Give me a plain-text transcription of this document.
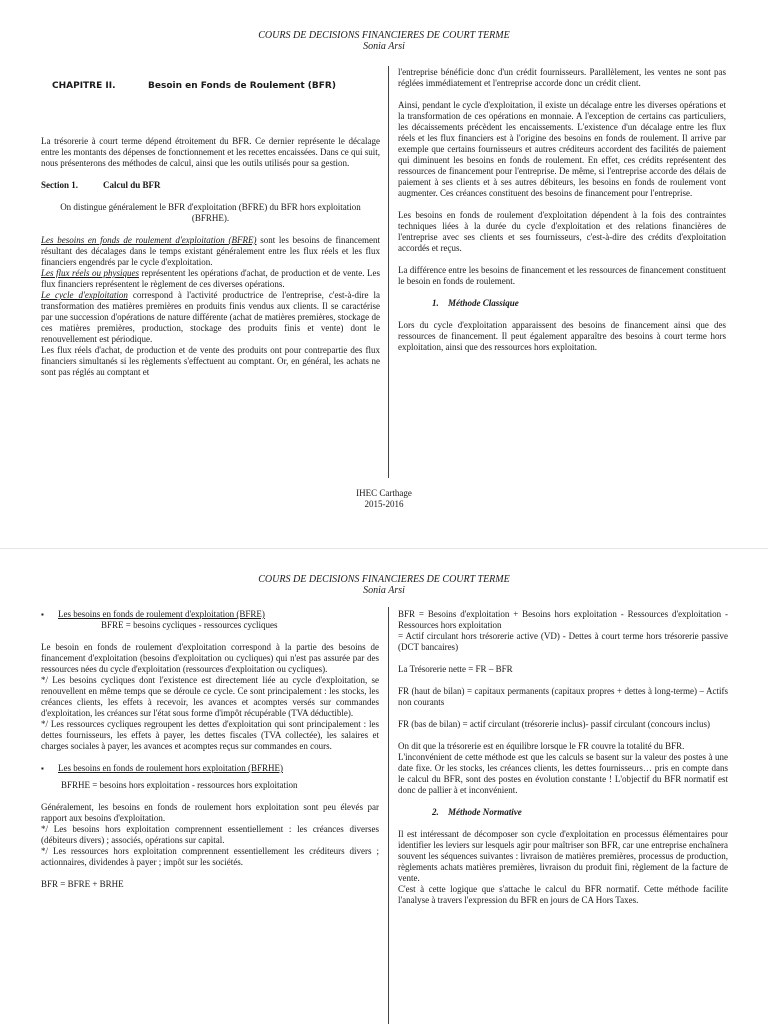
COURS DE DECISIONS FINANCIERES DE COURT TERME
Sonia Arsi
CHAPITRE II.	Besoin en Fonds de Roulement (BFR)

La trésorerie à court terme dépend étroitement du BFR. Ce dernier représente le décalage entre les montants des dépenses de fonctionnement et les recettes encaissées. Dans ce qui suit, nous présenterons des méthodes de calcul, ainsi que les outils utilisés pour sa gestion.

Section 1.	Calcul du BFR

On distingue généralement le BFR d'exploitation (BFRE) du BFR hors exploitation (BFRHE).

Les besoins en fonds de roulement d'exploitation (BFRE) sont les besoins de financement résultant des décalages dans le temps existant généralement entre les flux réels et les flux financiers engendrés par le cycle d'exploitation.

Les flux réels ou physiques représentent les opérations d'achat, de production et de vente. Les flux financiers représentent le règlement de ces diverses opérations.

Le cycle d'exploitation correspond à l'activité productrice de l'entreprise, c'est-à-dire la transformation des matières premières en produits finis vendus aux clients. Il se caractérise par une succession d'opérations de nature différente (achat de matières premières, stockage de ces matières premières, production, stockage des produits finis et vente) dont le renouvellement est périodique.

Les flux réels d'achat, de production et de vente des produits ont pour contrepartie des flux financiers simultanés si les règlements s'effectuent au comptant. Or, en général, les achats ne sont pas réglés au comptant et

l'entreprise bénéficie donc d'un crédit fournisseurs. Parallèlement, les ventes ne sont pas réglées immédiatement et l'entreprise accorde donc un crédit client.

Ainsi, pendant le cycle d'exploitation, il existe un décalage entre les diverses opérations et la transformation de ces opérations en monnaie. A l'exception de certains cas particuliers, les décaissements précèdent les encaissements. L'existence d'un décalage entre les flux réels et les flux financiers est à l'origine des besoins en fonds de roulement. Il arrive par exemple que certains fournisseurs et autres créditeurs accordent des facilités de paiement qui diminuent les besoins en fonds de roulement. En effet, ces crédits représentent des ressources de financement pour l'entreprise. De même, si l'entreprise accorde des délais de paiement à ses clients et à ses autres débiteurs, les besoins en fonds de roulement vont augmenter. Ces créances constituent des besoins de financement pour l'entreprise.

Les besoins en fonds de roulement d'exploitation dépendent à la fois des contraintes techniques liées à la durée du cycle d'exploitation et des relations financières de l'entreprise avec ses clients et ses fournisseurs, c'est-à-dire des crédits d'exploitation accordés et reçus.

La différence entre les besoins de financement et les ressources de financement constituent le besoin en fonds de roulement.

1. Méthode Classique

Lors du cycle d'exploitation apparaissent des besoins de financement ainsi que des ressources de financement. Il peut également apparaître des besoins à court terme hors exploitation, ainsi que des ressources hors exploitation.

IHEC Carthage
2015-2016
COURS DE DECISIONS FINANCIERES DE COURT TERME
Sonia Arsi
▪	Les besoins en fonds de roulement d'exploitation (BFRE)

BFRE = besoins cycliques - ressources cycliques

Le besoin en fonds de roulement d'exploitation correspond à la partie des besoins de financement d'exploitation (besoins d'exploitation ou cycliques) qui n'est pas assurée par des ressources nées du cycle d'exploitation (ressources d'exploitation ou cycliques).

*/ Les besoins cycliques dont l'existence est directement liée au cycle d'exploitation, se renouvellent en même temps que se déroule ce cycle. Ce sont principalement : les stocks, les créances clients, les effets à recevoir, les avances et acomptes versés sur commandes d'exploitation, les créances sur l'état sous forme d'impôt récupérable (TVA déductible).

*/ Les ressources cycliques regroupent les dettes d'exploitation qui sont principalement : les dettes fournisseurs, les effets à payer, les dettes fiscales (TVA collectée), les salaires et charges sociales à payer, les avances et acomptes reçus sur commandes en cours.

▪	Les besoins en fonds de roulement hors exploitation (BFRHE)

BFRHE = besoins hors exploitation - ressources hors exploitation

Généralement, les besoins en fonds de roulement hors exploitation sont peu élevés par rapport aux besoins d'exploitation.

*/ Les besoins hors exploitation comprennent essentiellement : les créances diverses (débiteurs divers) ; associés, opérations sur capital.

*/ Les ressources hors exploitation comprennent essentiellement les créditeurs divers ; actionnaires, dividendes à payer ; impôt sur les sociétés.

BFR = BFRE + BRHE

BFR = Besoins d'exploitation + Besoins hors exploitation - Ressources d'exploitation - Ressources hors exploitation

= Actif circulant hors trésorerie active (VD) - Dettes à court terme hors trésorerie passive (DCT bancaires)

La Trésorerie nette = FR – BFR

FR (haut de bilan) = capitaux permanents (capitaux propres + dettes à long-terme) – Actifs non courants

FR (bas de bilan) = actif circulant (trésorerie inclus)- passif circulant (concours inclus)

On dit que la trésorerie est en équilibre lorsque le FR couvre la totalité du BFR.

L'inconvénient de cette méthode est que les calculs se basent sur la valeur des postes à une date fixe. Or les stocks, les créances clients, les dettes fournisseurs… pris en compte dans le calcul du BFR, sont des postes en évolution constante ! L'objectif du BFR normatif est donc de pallier à et inconvénient.

2. Méthode Normative

Il est intéressant de décomposer son cycle d'exploitation en processus élémentaires pour identifier les leviers sur lesquels agir pour maîtriser son BFR, car une entreprise enchaînera souvent les séquences suivantes : livraison de matières premières, processus de production, règlements achats matières premières, livraison du produit fini, règlement de la facture de vente.

C'est à cette logique que s'attache le calcul du BFR normatif. Cette méthode facilite l'analyse à travers l'expression du BFR en jours de CA Hors Taxes.
